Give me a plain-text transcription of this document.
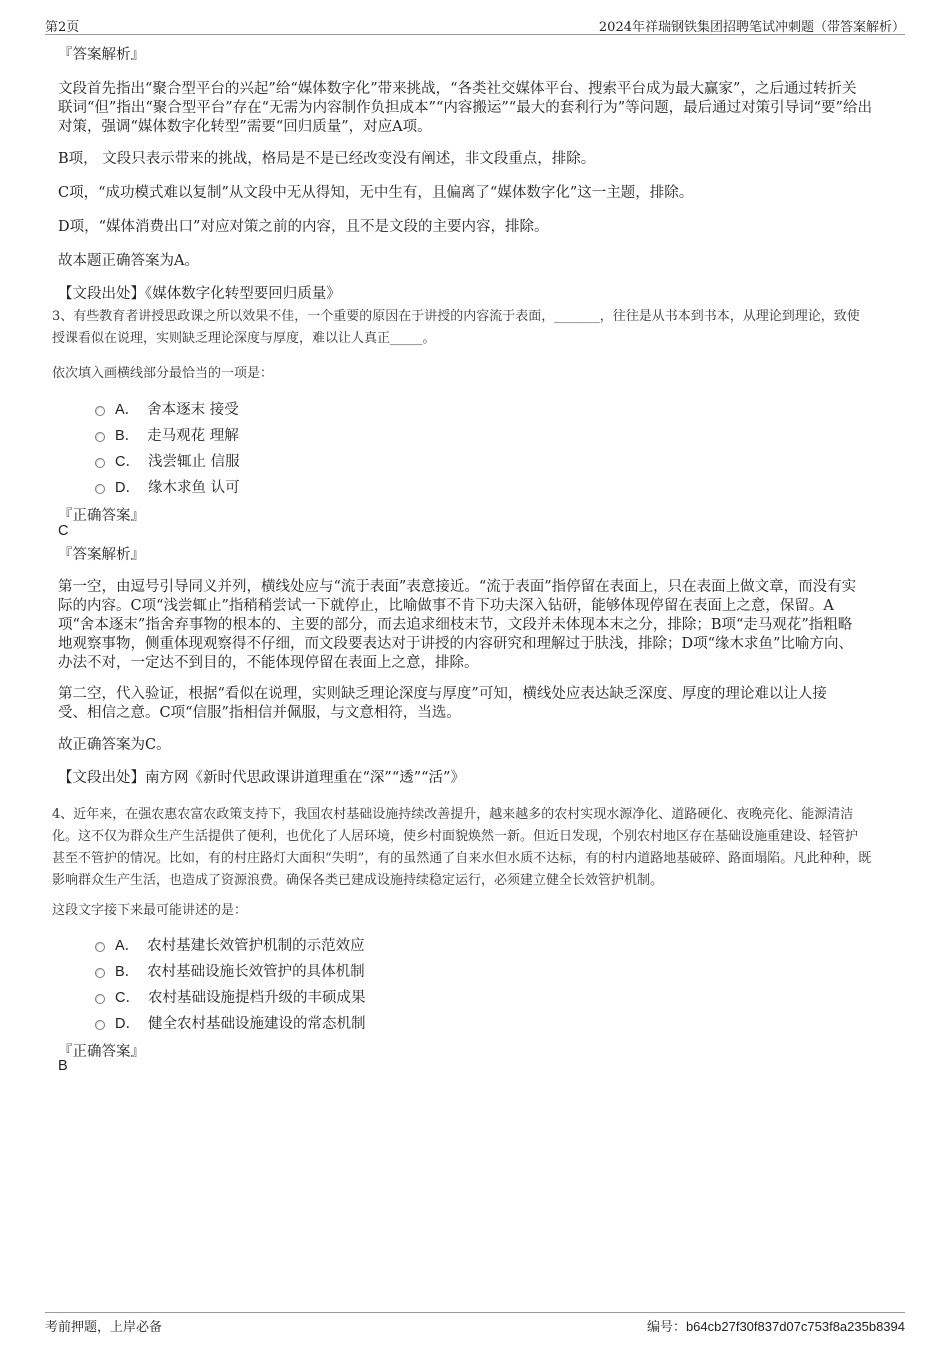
第2页	2024年祥瑞钢铁集团招聘笔试冲刺题（带答案解析）
『答案解析』
文段首先指出“聚合型平台的兴起”给“媒体数字化”带来挑战，“各类社交媒体平台、搜索平台成为最大赢家”，之后通过转折关
联词“但”指出“聚合型平台”存在“无需为内容制作负担成本”“内容搬运”“最大的套利行为”等问题，最后通过对策引导词“要”给出
对策，强调“媒体数字化转型”需要“回归质量”，对应A项。
B项， 文段只表示带来的挑战，格局是不是已经改变没有阐述，非文段重点，排除。
C项，“成功模式难以复制”从文段中无从得知，无中生有，且偏离了“媒体数字化”这一主题，排除。
D项，“媒体消费出口”对应对策之前的内容，且不是文段的主要内容，排除。
故本题正确答案为A。
【文段出处】《媒体数字化转型要回归质量》
3、有些教育者讲授思政课之所以效果不佳，一个重要的原因在于讲授的内容流于表面，_______，往往是从书本到书本，从理论到理论，致使
授课看似在说理，实则缺乏理论深度与厚度，难以让人真正_____。
依次填入画横线部分最恰当的一项是：
A． 舍本逐末 接受
B． 走马观花 理解
C． 浅尝辄止 信服
D． 缘木求鱼 认可
『正确答案』
C
『答案解析』
第一空，由逗号引导同义并列，横线处应与“流于表面”表意接近。“流于表面”指停留在表面上，只在表面上做文章，而没有实
际的内容。C项“浅尝辄止”指稍稍尝试一下就停止，比喻做事不肯下功夫深入钻研，能够体现停留在表面上之意，保留。A
项“舍本逐末”指舍弃事物的根本的、主要的部分，而去追求细枝末节，文段并未体现本末之分，排除；B项“走马观花”指粗略
地观察事物，侧重体现观察得不仔细，而文段要表达对于讲授的内容研究和理解过于肤浅，排除；D项“缘木求鱼”比喻方向、
办法不对，一定达不到目的，不能体现停留在表面上之意，排除。
第二空，代入验证，根据“看似在说理，实则缺乏理论深度与厚度”可知，横线处应表达缺乏深度、厚度的理论难以让人接
受、相信之意。C项“信服”指相信并佩服，与文意相符，当选。
故正确答案为C。
【文段出处】南方网《新时代思政课讲道理重在“深”“透”“活”》
4、近年来，在强农惠农富农政策支持下，我国农村基础设施持续改善提升，越来越多的农村实现水源净化、道路硬化、夜晚亮化、能源清洁
化。这不仅为群众生产生活提供了便利，也优化了人居环境，使乡村面貌焕然一新。但近日发现，个别农村地区存在基础设施重建设、轻管护
甚至不管护的情况。比如，有的村庄路灯大面积“失明”，有的虽然通了自来水但水质不达标，有的村内道路地基破碎、路面塌陷。凡此种种，既
影响群众生产生活，也造成了资源浪费。确保各类已建成设施持续稳定运行，必须建立健全长效管护机制。
这段文字接下来最可能讲述的是：
A． 农村基建长效管护机制的示范效应
B． 农村基础设施长效管护的具体机制
C． 农村基础设施提档升级的丰硕成果
D． 健全农村基础设施建设的常态机制
『正确答案』
B
考前押题，上岸必备	编号：b64cb27f30f837d07c753f8a235b8394
